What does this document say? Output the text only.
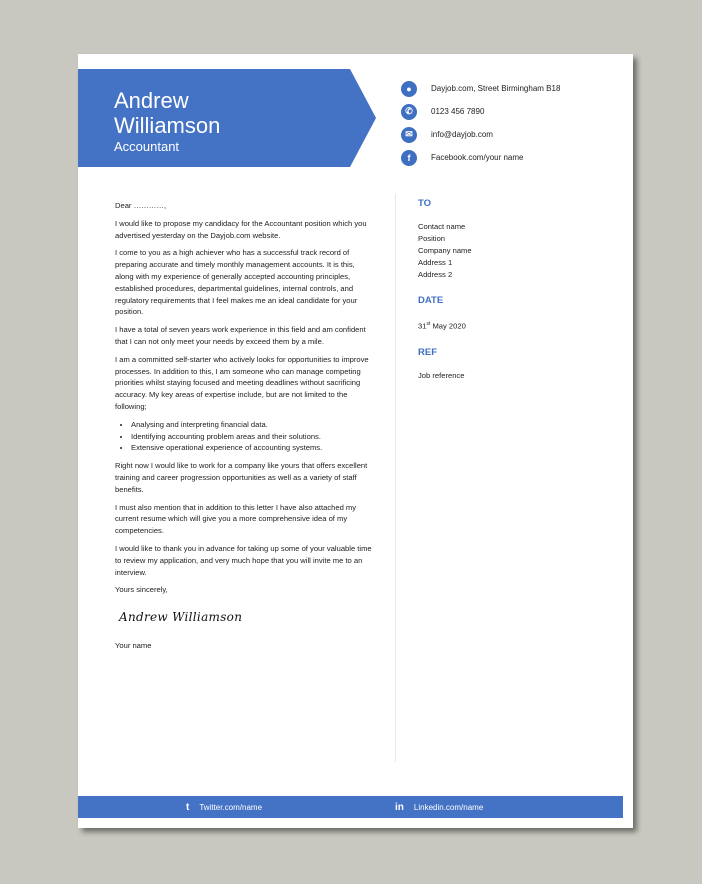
Andrew
Williamson
Accountant
●	Dayjob.com, Street Birmingham B18
✆	0123 456 7890
✉	info@dayjob.com
f	Facebook.com/your name

Dear …………,

I would like to propose my candidacy for the Accountant position which you advertised yesterday on the Dayjob.com website.

I come to you as a high achiever who has a successful track record of preparing accurate and timely monthly management accounts. It is this, along with my experience of generally accepted accounting principles, established procedures, departmental guidelines, internal controls, and regulatory requirements that I feel makes me an ideal candidate for your position.

I have a total of seven years work experience in this field and am confident that I can not only meet your needs by exceed them by a mile.

I am a committed self-starter who actively looks for opportunities to improve processes. In addition to this, I am someone who can manage competing priorities whilst staying focused and meeting deadlines without sacrificing accuracy. My key areas of expertise include, but are not limited to the following;

• Analysing and interpreting financial data.
• Identifying accounting problem areas and their solutions.
• Extensive operational experience of accounting systems.

Right now I would like to work for a company like yours that offers excellent training and career progression opportunities as well as a variety of staff benefits.

I must also mention that in addition to this letter I have also attached my current resume which will give you a more comprehensive idea of my competencies.

I would like to thank you in advance for taking up some of your valuable time to review my application, and very much hope that you will invite me to an interview.

Yours sincerely,

Andrew Williamson

Your name

TO
Contact name
Position
Company name
Address 1
Address 2
DATE
31st May 2020
REF
Job reference
t Twitter.com/name	in Linkedin.com/name
